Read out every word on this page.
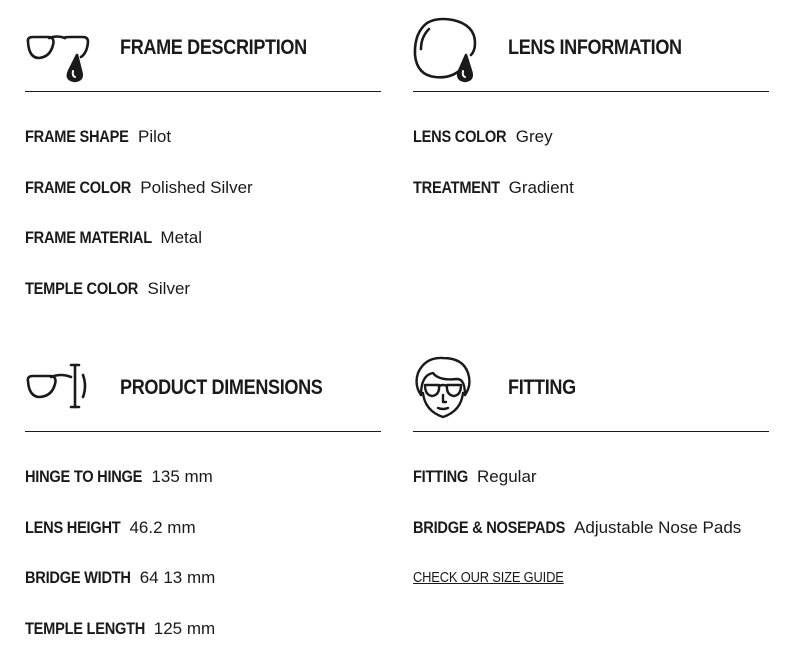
FRAME DESCRIPTION
FRAME SHAPE Pilot
FRAME COLOR Polished Silver
FRAME MATERIAL Metal
TEMPLE COLOR Silver
LENS INFORMATION
LENS COLOR Grey
TREATMENT Gradient
PRODUCT DIMENSIONS
HINGE TO HINGE 135 mm
LENS HEIGHT 46.2 mm
BRIDGE WIDTH 64 13 mm
TEMPLE LENGTH 125 mm
FITTING
FITTING Regular
BRIDGE & NOSEPADS Adjustable Nose Pads
CHECK OUR SIZE GUIDE
